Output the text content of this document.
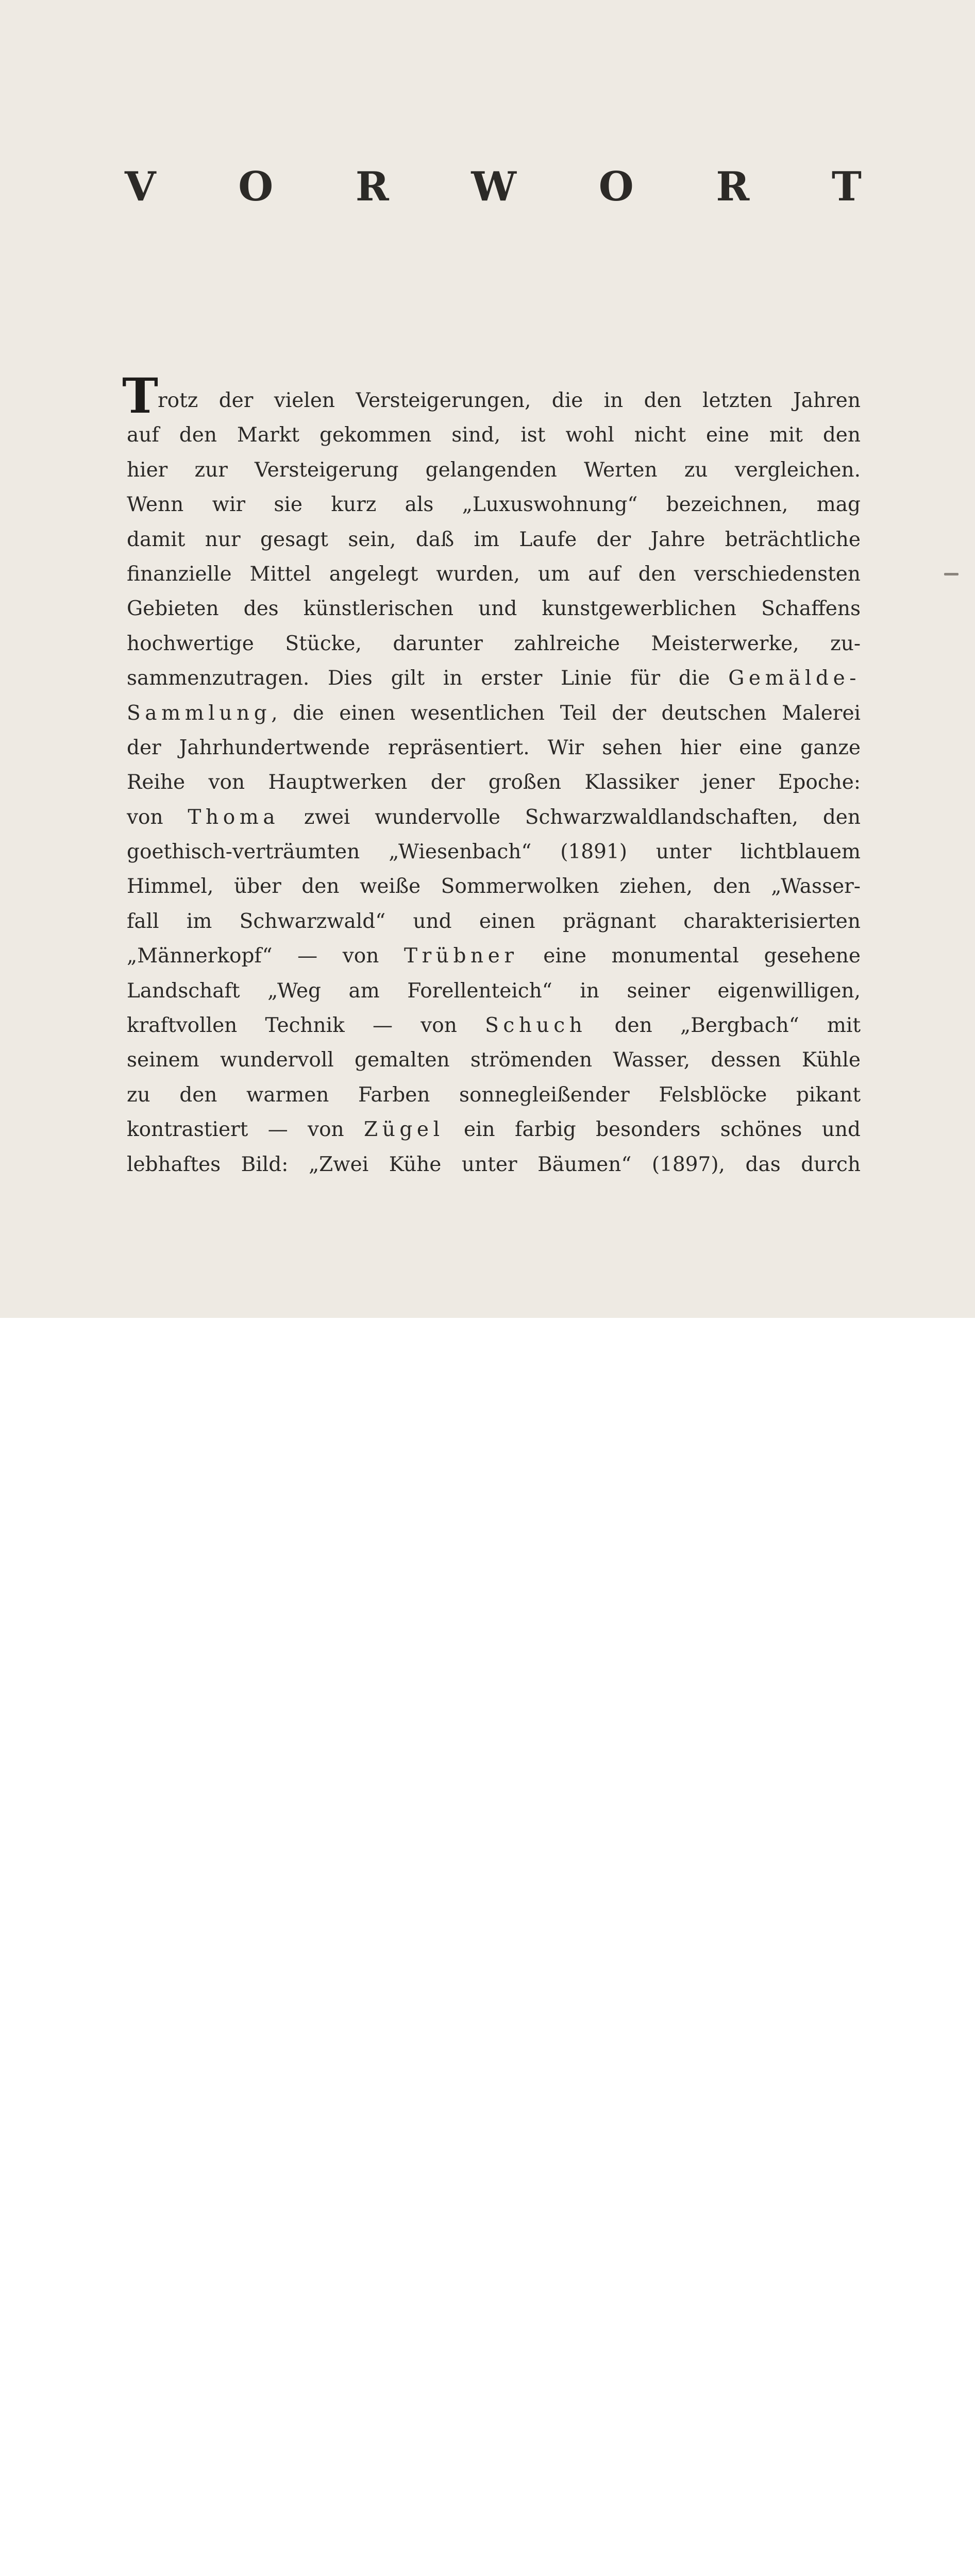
V O R W O R T
T rotz der vielen Versteigerungen, die in den letzten Jahren
auf den Markt gekommen sind, ist wohl nicht eine mit den
hier zur Versteigerung gelangenden Werten zu vergleichen.
Wenn wir sie kurz als „Luxuswohnung“ bezeichnen, mag
damit nur gesagt sein, daß im Laufe der Jahre beträchtliche
finanzielle Mittel angelegt wurden, um auf den verschiedensten
Gebieten des künstlerischen und kunstgewerblichen Schaffens
hochwertige Stücke, darunter zahlreiche Meisterwerke, zu-
sammenzutragen. Dies gilt in erster Linie für die Gemälde-
Sammlung, die einen wesentlichen Teil der deutschen Malerei
der Jahrhundertwende repräsentiert. Wir sehen hier eine ganze
Reihe von Hauptwerken der großen Klassiker jener Epoche:
von Thoma zwei wundervolle Schwarzwaldlandschaften, den
goethisch-verträumten „Wiesenbach“ (1891) unter lichtblauem
Himmel, über den weiße Sommerwolken ziehen, den „Wasser-
fall im Schwarzwald“ und einen prägnant charakterisierten
„Männerkopf“ — von Trübner eine monumental gesehene
Landschaft „Weg am Forellenteich“ in seiner eigenwilligen,
kraftvollen Technik — von Schuch den „Bergbach“ mit
seinem wundervoll gemalten strömenden Wasser, dessen Kühle
zu den warmen Farben sonnegleißender Felsblöcke pikant
kontrastiert — von Zügel ein farbig besonders schönes und
lebhaftes Bild: „Zwei Kühe unter Bäumen“ (1897), das durch
